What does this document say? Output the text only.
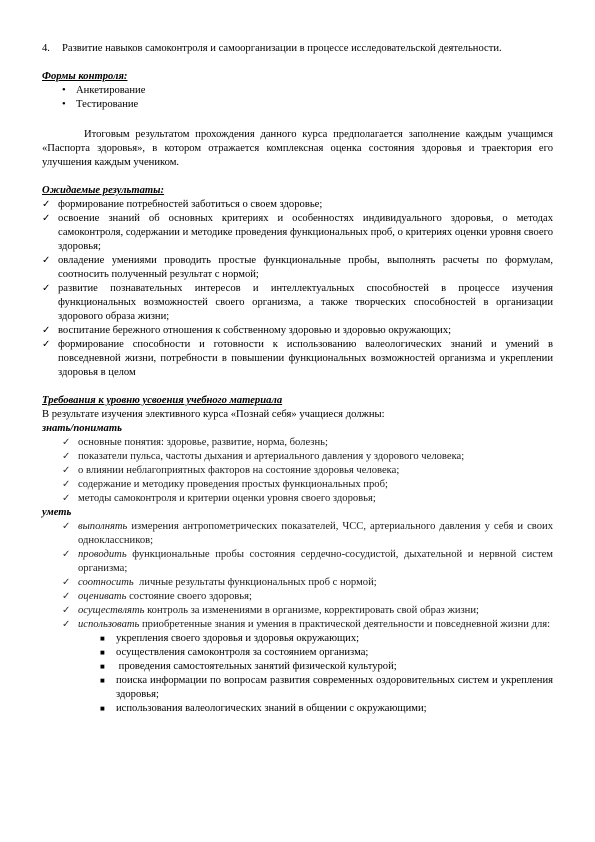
4. Развитие навыков самоконтроля и самоорганизации в процессе исследовательской деятельности.
Формы контроля:
• Анкетирование
• Тестирование
Итоговым результатом прохождения данного курса предполагается заполнение каждым учащимся «Паспорта здоровья», в котором отражается комплексная оценка состояния здоровья и траектория его улучшения каждым учеником.
Ожидаемые результаты:
✓ формирование потребностей заботиться о своем здоровье;
✓ освоение знаний об основных критериях и особенностях индивидуального здоровья, о методах самоконтроля, содержании и методике проведения функциональных проб, о критериях оценки уровня своего здоровья;
✓ овладение умениями проводить простые функциональные пробы, выполнять расчеты по формулам, соотносить полученный результат с нормой;
✓ развитие познавательных интересов и интеллектуальных способностей в процессе изучения функциональных возможностей своего организма, а также творческих способностей в организации здорового образа жизни;
✓ воспитание бережного отношения к собственному здоровью и здоровью окружающих;
✓ формирование способности и готовности к использованию валеологических знаний и умений в повседневной жизни, потребности в повышении функциональных возможностей организма и укреплении здоровья в целом
Требования к уровню усвоения учебного материала
В результате изучения элективного курса «Познай себя» учащиеся должны:
знать/понимать
✓ основные понятия: здоровье, развитие, норма, болезнь;
✓ показатели пульса, частоты дыхания и артериального давления у здорового человека;
✓ о влиянии неблагоприятных факторов на состояние здоровья человека;
✓ содержание и методику проведения простых функциональных проб;
✓ методы самоконтроля и критерии оценки уровня своего здоровья;
уметь
✓ выполнять измерения антропометрических показателей, ЧСС, артериального давления у себя и своих одноклассников;
✓ проводить функциональные пробы состояния сердечно-сосудистой, дыхательной и нервной систем организма;
✓ соотносить  личные результаты функциональных проб с нормой;
✓ оценивать состояние своего здоровья;
✓ осуществлять контроль за изменениями в организме, корректировать свой образ жизни;
✓ использовать приобретенные знания и умения в практической деятельности и повседневной жизни для:
■ укрепления своего здоровья и здоровья окружающих;
■ осуществления самоконтроля за состоянием организма;
■ проведения самостоятельных занятий физической культурой;
■ поиска информации по вопросам развития современных оздоровительных систем и укрепления здоровья;
■ использования валеологических знаний в общении с окружающими;
